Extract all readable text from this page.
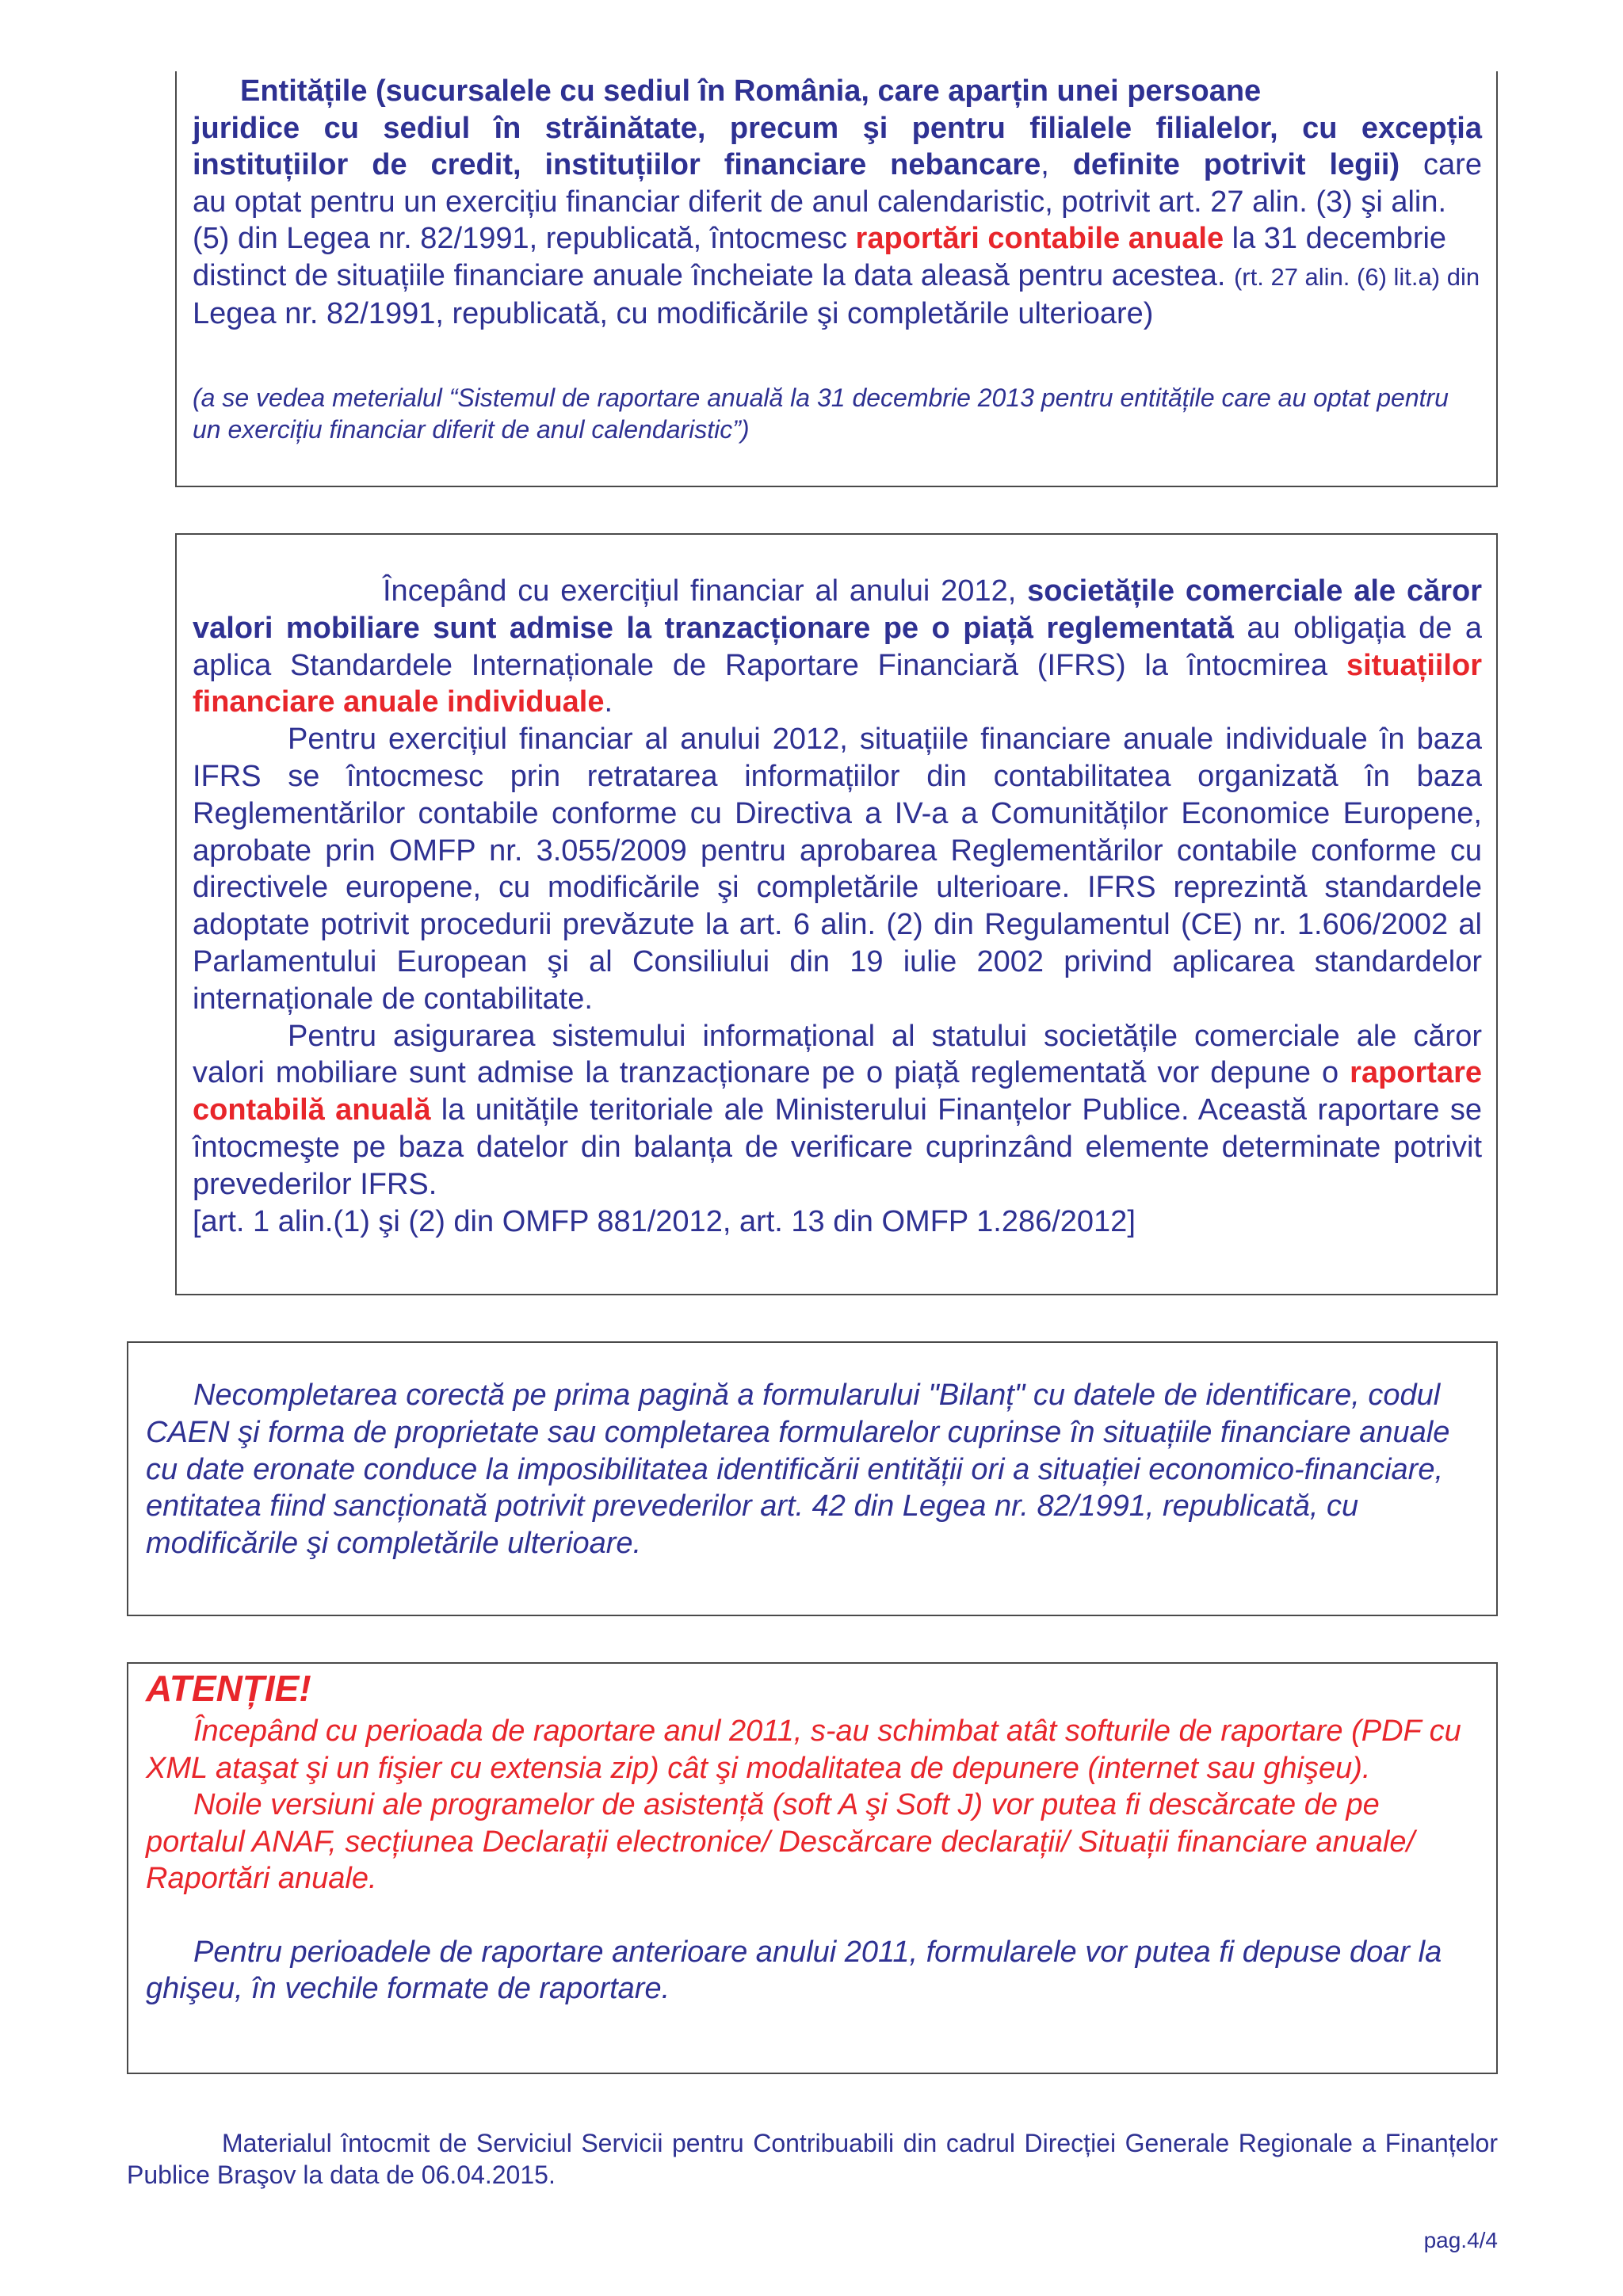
Entitățile (sucursalele cu sediul în România, care aparțin unei persoane
juridice cu sediul în străinătate, precum şi pentru filialele filialelor, cu excepția
instituțiilor de credit, instituțiilor financiare nebancare, definite potrivit legii) care
au optat pentru un exercițiu financiar diferit de anul calendaristic, potrivit art. 27 alin. (3) şi alin. (5) din Legea nr. 82/1991, republicată, întocmesc raportări contabile anuale la 31 decembrie distinct de situațiile financiare anuale încheiate la data aleasă pentru acestea. (rt. 27 alin. (6) lit.a) din Legea nr. 82/1991, republicată, cu modificările şi completările ulterioare)
(a se vedea meterialul “Sistemul de raportare anuală la 31 decembrie 2013 pentru entitățile care au optat pentru un exercițiu financiar diferit de anul calendaristic”)
Începând cu exercițiul financiar al anului 2012, societățile comerciale ale căror valori mobiliare sunt admise la tranzacționare pe o piață reglementată au obligația de a aplica Standardele Internaționale de Raportare Financiară (IFRS) la întocmirea situațiilor financiare anuale individuale.
Pentru exercițiul financiar al anului 2012, situațiile financiare anuale individuale în baza IFRS se întocmesc prin retratarea informațiilor din contabilitatea organizată în baza Reglementărilor contabile conforme cu Directiva a IV-a a Comunităților Economice Europene, aprobate prin OMFP nr. 3.055/2009 pentru aprobarea Reglementărilor contabile conforme cu directivele europene, cu modificările şi completările ulterioare. IFRS reprezintă standardele adoptate potrivit procedurii prevăzute la art. 6 alin. (2) din Regulamentul (CE) nr. 1.606/2002 al Parlamentului European şi al Consiliului din 19 iulie 2002 privind aplicarea standardelor internaționale de contabilitate.
Pentru asigurarea sistemului informațional al statului societățile comerciale ale căror valori mobiliare sunt admise la tranzacționare pe o piață reglementată vor depune o raportare contabilă anuală la unitățile teritoriale ale Ministerului Finanțelor Publice. Această raportare se întocmeşte pe baza datelor din balanța de verificare cuprinzând elemente determinate potrivit prevederilor IFRS.
[art. 1 alin.(1) şi (2) din OMFP 881/2012, art. 13 din OMFP 1.286/2012]
Necompletarea corectă pe prima pagină a formularului "Bilanț" cu datele de identificare, codul CAEN şi forma de proprietate sau completarea formularelor cuprinse în situațiile financiare anuale cu date eronate conduce la imposibilitatea identificării entității ori a situației economico-financiare, entitatea fiind sancționată potrivit prevederilor art. 42 din Legea nr. 82/1991, republicată, cu modificările şi completările ulterioare.
ATENȚIE!
Începând cu perioada de raportare anul 2011, s-au schimbat atât softurile de raportare (PDF cu XML ataşat şi un fişier cu extensia zip) cât şi modalitatea de depunere (internet sau ghişeu).
Noile versiuni ale programelor de asistență (soft A şi Soft J) vor putea fi descărcate de pe portalul ANAF, secțiunea Declarații electronice/ Descărcare declarații/ Situații financiare anuale/ Raportări anuale.
Pentru perioadele de raportare anterioare anului 2011, formularele vor putea fi depuse doar la ghişeu, în vechile formate de raportare.
Materialul întocmit de Serviciul Servicii pentru Contribuabili din cadrul Direcției Generale Regionale a Finanțelor Publice Braşov la data de 06.04.2015.
pag.4/4
